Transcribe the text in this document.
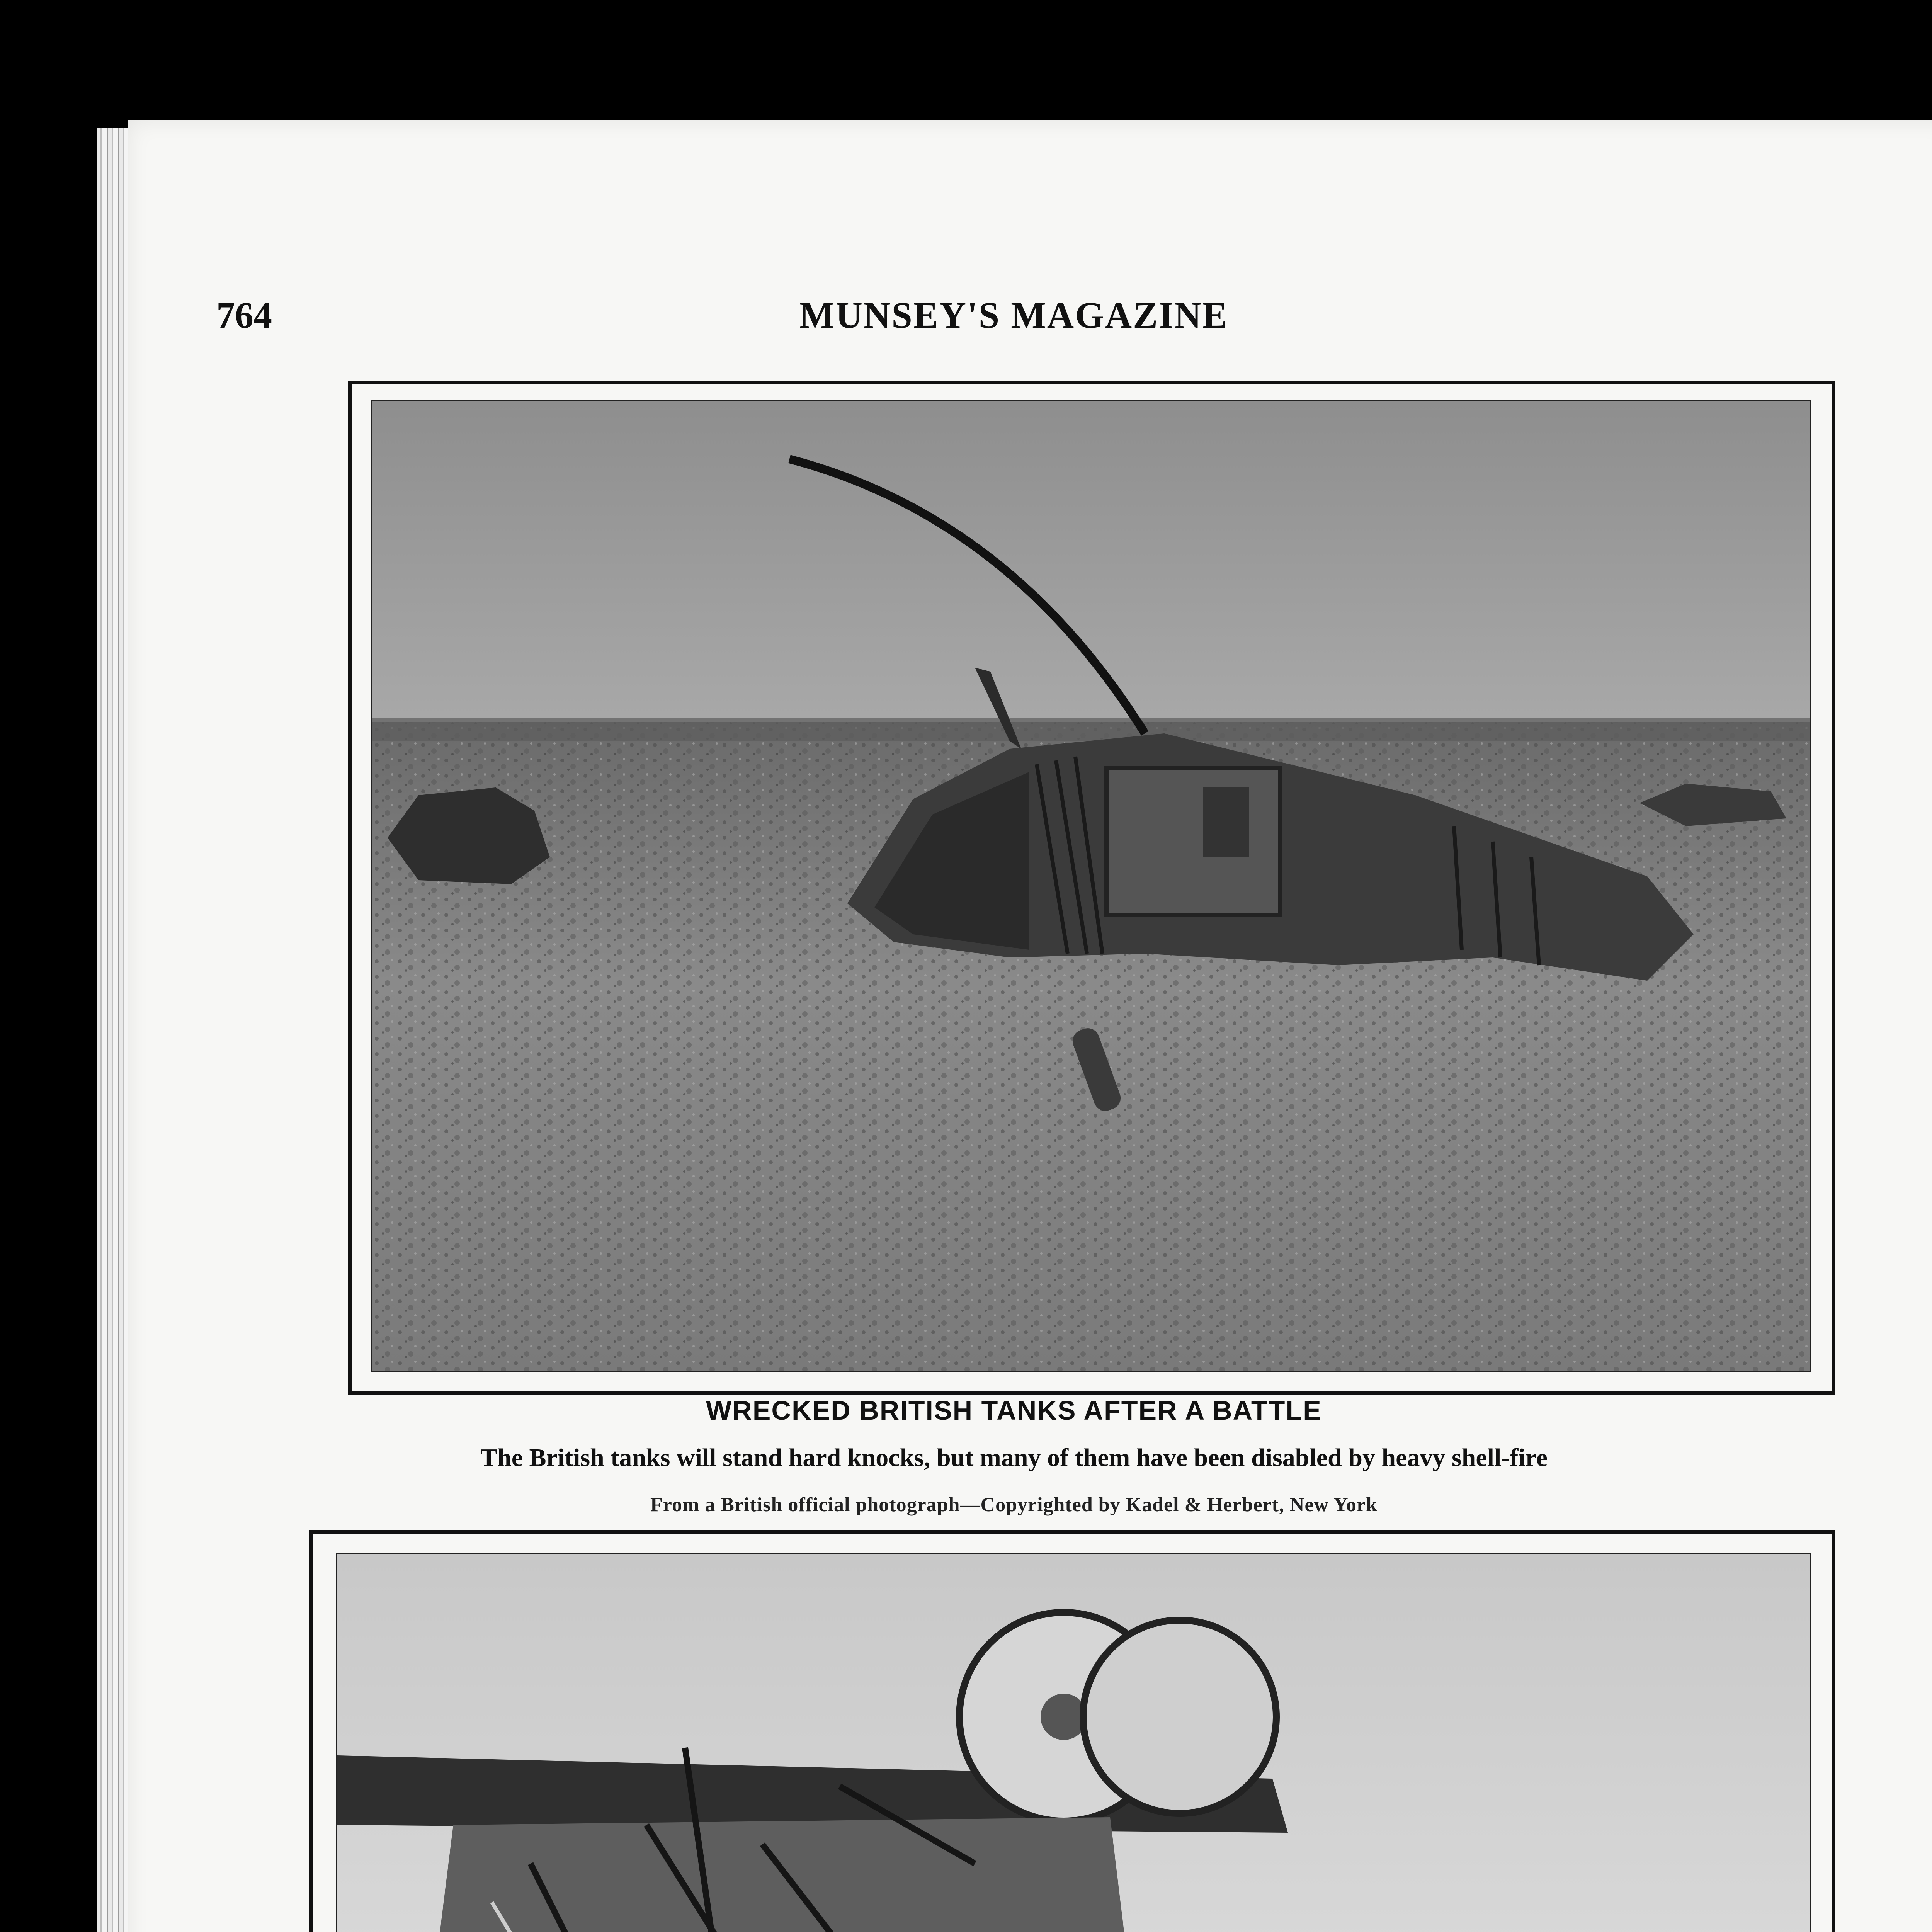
764	MUNSEY'S MAGAZINE
WRECKED BRITISH TANKS AFTER A BATTLE
The British tanks will stand hard knocks, but many of them have been disabled by heavy shell-fire
From a British official photograph—Copyrighted by Kadel & Herbert, New York
